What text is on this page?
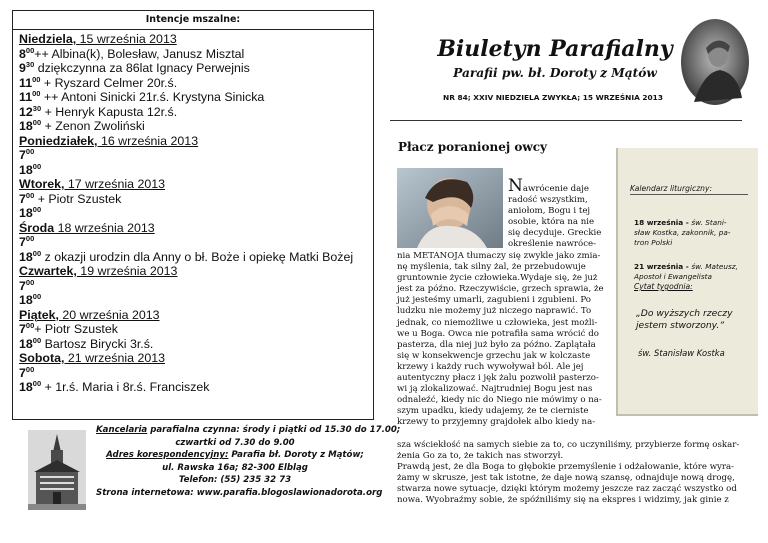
Intencje mszalne:
Niedziela, 15 września 2013
$8^{00}++$ Albina(k), Bolesław, Janusz Misztal
$9^{30}$ dziękczynna za 86lat Ignacy Perwejnis
$11^{00}$ + Ryszard Celmer 20r.ś.
$11^{00}$ ++ Antoni Sinicki 21r.ś. Krystyna Sinicka
$12^{30}$ + Henryk Kapusta 12r.ś.
$18^{00}$ + Zenon Zwoliński
Poniedziałek, 16 września 2013
$7^{00}$
$18^{00}$
Wtorek, 17 września 2013
$7^{00}$ + Piotr Szustek
$18^{00}$
Środa 18 września 2013
$7^{00}$
$18^{00}$ z okazji urodzin dla Anny o bł. Boże i opiekę Matki Bożej
Czwartek, 19 września 2013
$7^{00}$
$18^{00}$
Piątek, 20 września 2013
$7^{00}+$ Piotr Szustek
$18^{00}$ Bartosz Birycki 3r.ś.
Sobota, 21 września 2013
$7^{00}$
$18^{00}$ + 1r.ś. Maria i 8r.ś. Franciszek
Kancelaria parafialna czynna: środy i piątki od 15.30 do 17.00;
czwartki od 7.30 do 9.00
Adres korespondencyjny: Parafia bł. Doroty z Mątów;
ul. Rawska 16a; 82-300 Elbląg
Telefon: (55) 235 32 73
Strona internetowa: www.parafia.blogoslawionadorota.org
Biuletyn Parafialny
Parafii pw. bł. Doroty z Mątów
NR 84; XXIV NIEDZIELA ZWYKŁA; 15 WRZEŚNIA 2013
Płacz poranionej owcy
Nawrócenie daje
radość wszystkim,
aniołom, Bogu i tej
osobie, która na nie
się decyduje. Greckie
określenie nawróce-
nia METANOJA tłumaczy się zwykle jako zmia-
nę myślenia, tak silny żal, że przebudowuje
gruntownie życie człowieka.Wydaje się, że już
jest za późno. Rzeczywiście, grzech sprawia, że
już jesteśmy umarli, zagubieni i zgubieni. Po
ludzku nie możemy już niczego naprawić. To
jednak, co niemożliwe u człowieka, jest możli-
we u Boga. Owca nie potrafiła sama wrócić do
pasterza, dla niej już było za późno. Zaplątała
się w konsekwencje grzechu jak w kolczaste
krzewy i każdy ruch wywoływał ból. Ale jej
autentyczny płacz i jęk żalu pozwolił pasterzo-
wi ją zlokalizować. Najtrudniej Bogu jest nas
odnaleźć, kiedy nic do Niego nie mówimy o na-
szym upadku, kiedy udajemy, że te cierniste
krzewy to przyjemny grajdołek albo kiedy na-
sza wściekłość na samych siebie za to, co uczyniliśmy, przybierze formę oskar-
żenia Go za to, że takich nas stworzył.
Prawdą jest, że dla Boga to głębokie przemyślenie i odżałowanie, które wyra-
żamy w skrusze, jest tak istotne, że daje nową szansę, odnajduje nową drogę,
stwarza nowe sytuacje, dzięki którym możemy jeszcze raz zacząć wszystko od
nowa. Wyobraźmy sobie, że spóźniliśmy się na ekspres i widzimy, jak ginie z
Kalendarz liturgiczny:
18 września - św. Stani-
sław Kostka, zakonnik, pa-
tron Polski
21 września - św. Mateusz,
Apostoł i Ewangelista
Cytat tygodnia:
„Do wyższych rzeczy jestem stworzony.”
św. Stanisław Kostka
